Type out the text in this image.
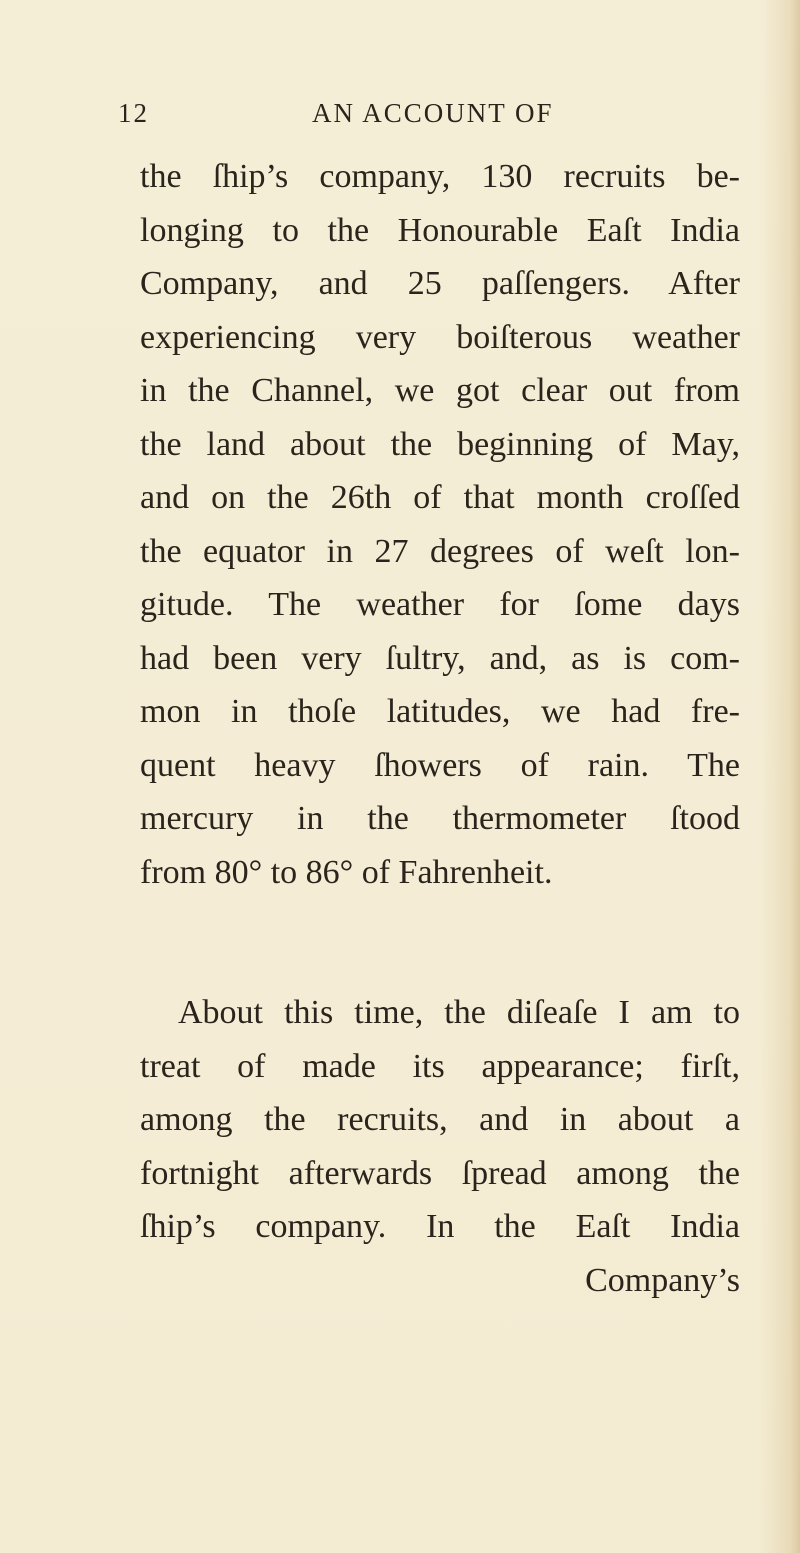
12	AN ACCOUNT OF
the ſhip’s company, 130 recruits be-
longing to the Honourable Eaſt India
Company, and 25 paſſengers. After
experiencing very boiſterous weather
in the Channel, we got clear out from
the land about the beginning of May,
and on the 26th of that month croſſed
the equator in 27 degrees of weſt lon-
gitude. The weather for ſome days
had been very ſultry, and, as is com-
mon in thoſe latitudes, we had fre-
quent heavy ſhowers of rain. The
mercury in the thermometer ſtood
from 80° to 86° of Fahrenheit.
About this time, the diſeaſe I am to
treat of made its appearance; firſt,
among the recruits, and in about a
fortnight afterwards ſpread among the
ſhip’s company. In the Eaſt India
Company’s
